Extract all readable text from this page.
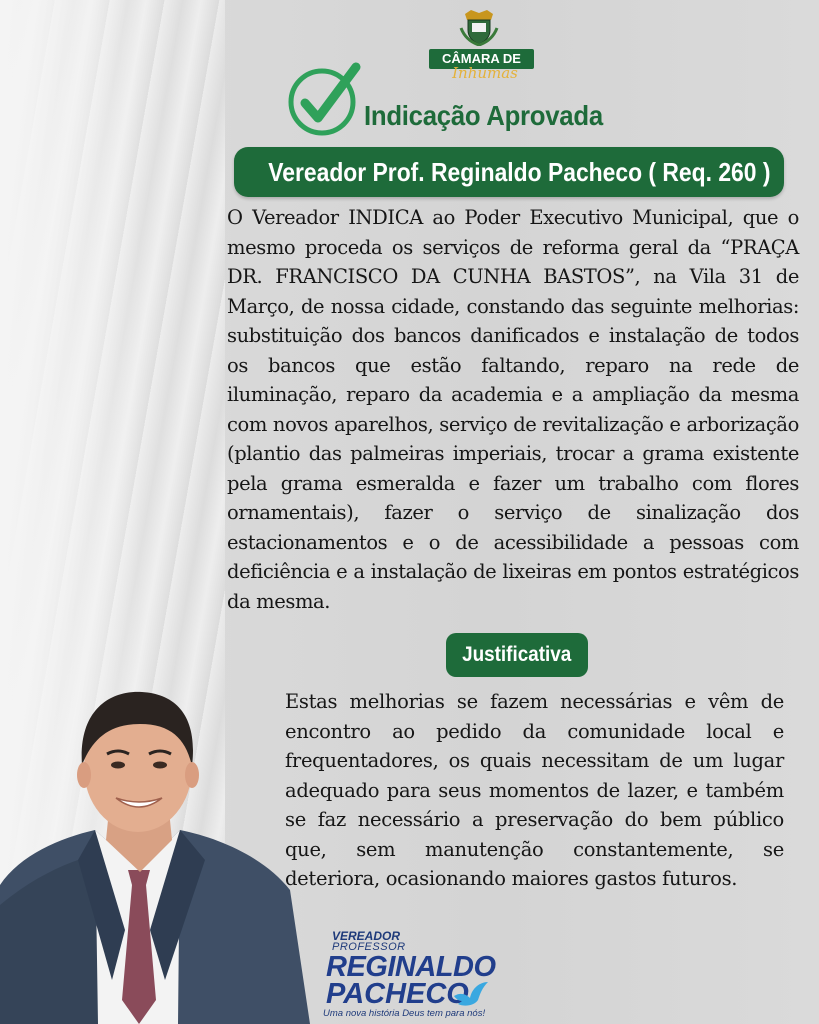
CÂMARA DE
Inhumas
Indicação Aprovada
Vereador Prof. Reginaldo Pacheco ( Req. 260 )

O Vereador INDICA ao Poder Executivo Municipal, que o mesmo proceda os serviços de reforma geral da “PRAÇA DR. FRANCISCO DA CUNHA BASTOS”, na Vila 31 de Março, de nossa cidade, constando das seguinte melhorias: substituição dos bancos danificados e instalação de todos os bancos que estão faltando, reparo na rede de iluminação, reparo da academia e a ampliação da mesma com novos aparelhos, serviço de revitalização e arborização (plantio das palmeiras imperiais, trocar a grama existente pela grama esmeralda e fazer um trabalho com flores ornamentais), fazer o serviço de sinalização dos estacionamentos e o de acessibilidade a pessoas com deficiência e a instalação de lixeiras em pontos estratégicos da mesma.

Justificativa

Estas melhorias se fazem necessárias e vêm de encontro ao pedido da comunidade local e frequentadores, os quais necessitam de um lugar adequado para seus momentos de lazer, e também se faz necessário a preservação do bem público que, sem manutenção constantemente, se deteriora, ocasionando maiores gastos futuros.

VEREADOR
PROFESSOR
REGINALDO
PACHECO
Uma nova história Deus tem para nós!
